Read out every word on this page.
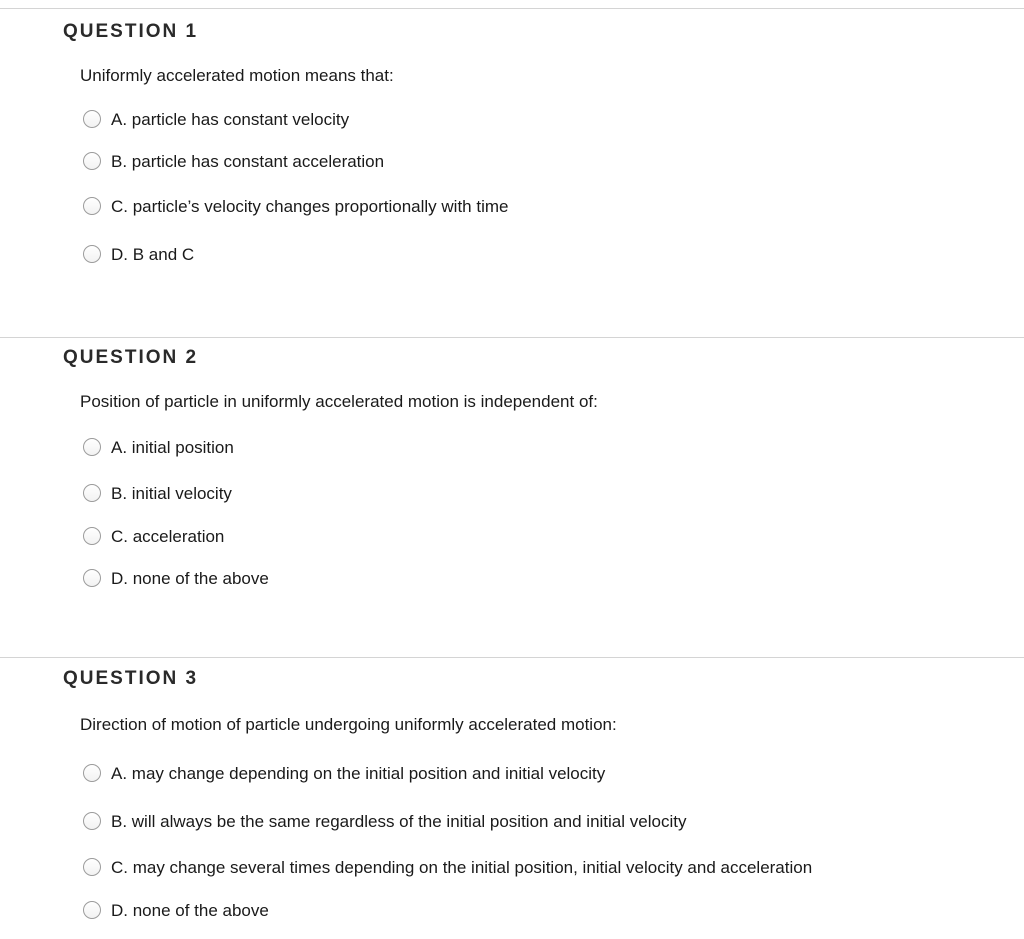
QUESTION 1
Uniformly accelerated motion means that:
A. particle has constant velocity
B. particle has constant acceleration
C. particle’s velocity changes proportionally with time
D. B and C
QUESTION 2
Position of particle in uniformly accelerated motion is independent of:
A. initial position
B. initial velocity
C. acceleration
D. none of the above
QUESTION 3
Direction of motion of particle undergoing uniformly accelerated motion:
A. may change depending on the initial position and initial velocity
B. will always be the same regardless of the initial position and initial velocity
C. may change several times depending on the initial position, initial velocity and acceleration
D. none of the above
